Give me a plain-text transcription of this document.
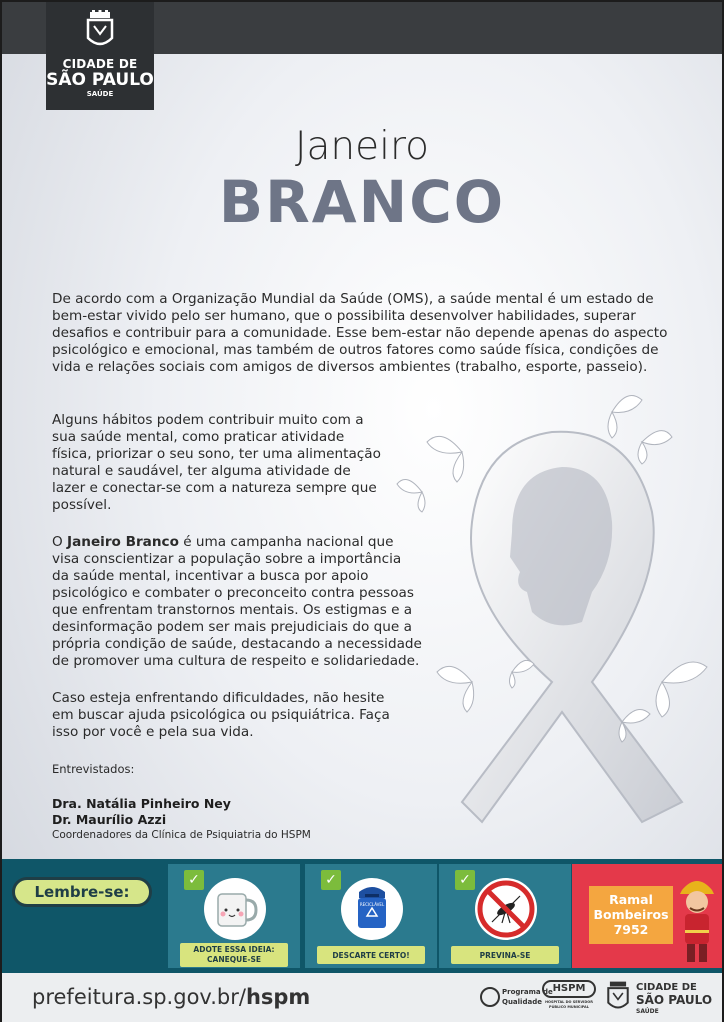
CIDADE DE
SÃO PAULO
SAÚDE
Janeiro
BRANCO

De acordo com a Organização Mundial da Saúde (OMS), a saúde mental é um estado de bem-estar vivido pelo ser humano, que o possibilita desenvolver habilidades, superar desafios e contribuir para a comunidade. Esse bem-estar não depende apenas do aspecto psicológico e emocional, mas também de outros fatores como saúde física, condições de vida e relações sociais com amigos de diversos ambientes (trabalho, esporte, passeio).

Alguns hábitos podem contribuir muito com a sua saúde mental, como praticar atividade física, priorizar o seu sono, ter uma alimentação natural e saudável, ter alguma atividade de lazer e conectar-se com a natureza sempre que possível.

O Janeiro Branco é uma campanha nacional que visa conscientizar a população sobre a importância da saúde mental, incentivar a busca por apoio psicológico e combater o preconceito contra pessoas que enfrentam transtornos mentais. Os estigmas e a desinformação podem ser mais prejudiciais do que a própria condição de saúde, destacando a necessidade de promover uma cultura de respeito e solidariedade.

Caso esteja enfrentando dificuldades, não hesite em buscar ajuda psicológica ou psiquiátrica. Faça isso por você e pela sua vida.

Entrevistados:
Dra. Natália Pinheiro Ney
Dr. Maurílio Azzi
Coordenadores da Clínica de Psiquiatria do HSPM
Lembre-se:
✓
ADOTE ESSA IDEIA: CANEQUE-SE
✓
RECICLÁVEL
DESCARTE CERTO!
✓
PREVINA-SE
Ramal
Bombeiros
7952
prefeitura.sp.gov.br/hspm	Programa de
Qualidade
HSPM
HOSPITAL DO SERVIDOR PÚBLICO MUNICIPAL
CIDADE DE
SÃO PAULO
SAÚDE
